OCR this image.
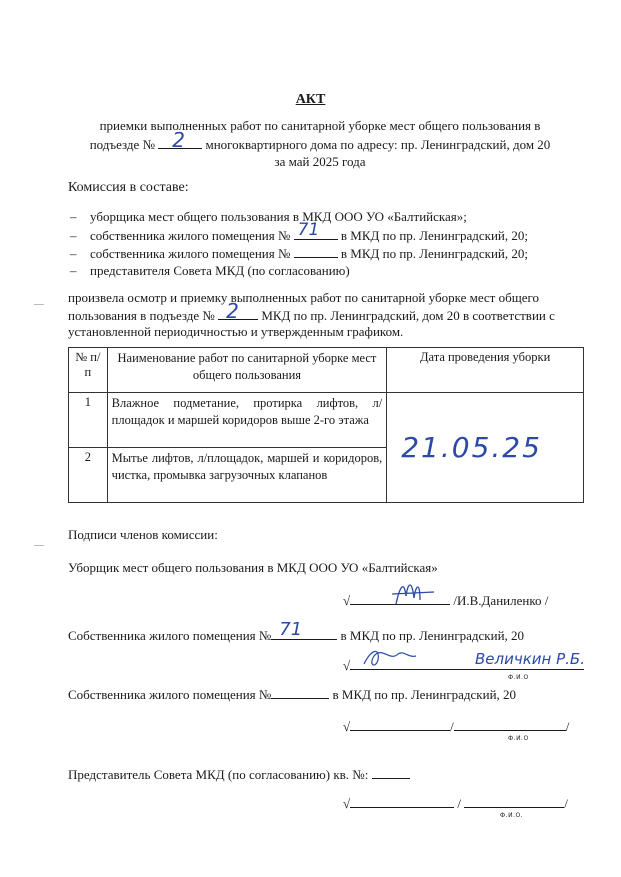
АКТ
приемки выполненных работ по санитарной уборке мест общего пользования в
подъезде № 2 многоквартирного дома по адресу: пр. Ленинградский, дом 20
за май 2025 года
Комиссия в составе:
– уборщика мест общего пользования в МКД ООО УО «Балтийская»;
– собственника жилого помещения № 71 в МКД по пр. Ленинградский, 20;
– собственника жилого помещения №	в МКД по пр. Ленинградский, 20;
– представителя Совета МКД (по согласованию)
произвела осмотр и приемку выполненных работ по санитарной уборке мест общего
пользования в подъезде № 2 МКД по пр. Ленинградский, дом 20 в соответствии с
установленной периодичностью и утвержденным графиком.
№ п/п	Наименование работ по санитарной уборке мест общего пользования	Дата проведения уборки
1	Влажное подметание, протирка лифтов, л/площадок и маршей коридоров выше 2-го этажа	21.05.25

2	Мытье лифтов, л/площадок, маршей и коридоров, чистка, промывка загрузочных клапанов	
Подписи членов комиссии:
Уборщик мест общего пользования в МКД ООО УО «Балтийская»
√	/И.В.Даниленко /
Собственника жилого помещения № 71	в МКД по пр. Ленинградский, 20
√	Величкин Р.Б.
Ф.И.О
Собственника жилого помещения №	в МКД по пр. Ленинградский, 20
√	/	/
Ф.И.О
Представитель Совета МКД (по согласованию) кв. №:
√	/	/
Ф.И.О.
